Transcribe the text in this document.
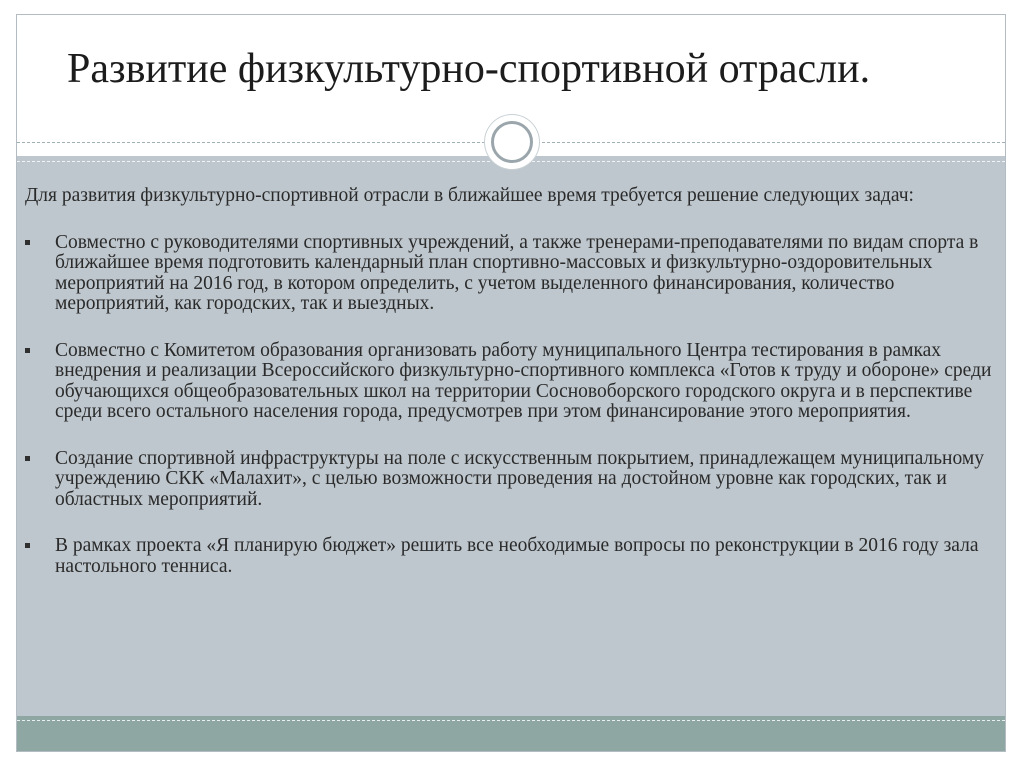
Развитие физкультурно-спортивной отрасли.

Для развития физкультурно-спортивной отрасли в ближайшее время требуется решение следующих задач:

Совместно с руководителями спортивных учреждений, а также тренерами-преподавателями по видам спорта в ближайшее время подготовить календарный план спортивно-массовых и физкультурно-оздоровительных мероприятий на 2016 год, в котором определить, с учетом выделенного финансирования, количество мероприятий, как городских, так и выездных.
Совместно с Комитетом образования организовать работу муниципального Центра тестирования в рамках внедрения и реализации Всероссийского физкультурно-спортивного комплекса «Готов к труду и обороне» среди обучающихся общеобразовательных школ на территории Сосновоборского городского округа и в перспективе среди всего остального населения города, предусмотрев при этом финансирование этого мероприятия.
Создание спортивной инфраструктуры на поле с искусственным покрытием, принадлежащем муниципальному учреждению СКК «Малахит», с целью возможности проведения на достойном уровне как городских, так и областных мероприятий.
В рамках проекта «Я планирую бюджет» решить все необходимые вопросы по реконструкции в 2016 году зала настольного тенниса.
